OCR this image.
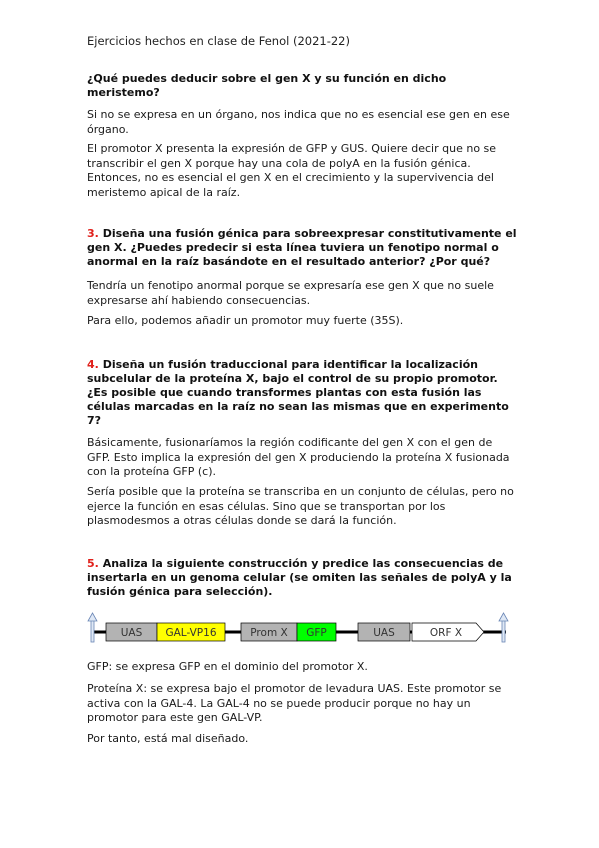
Ejercicios hechos en clase de Fenol (2021-22)

¿Qué puedes deducir sobre el gen X y su función en dicho meristemo?

Si no se expresa en un órgano, nos indica que no es esencial ese gen en ese órgano.

El promotor X presenta la expresión de GFP y GUS. Quiere decir que no se transcribir el gen X porque hay una cola de polyA en la fusión génica. Entonces, no es esencial el gen X en el crecimiento y la supervivencia del meristemo apical de la raíz.

3. Diseña una fusión génica para sobreexpresar constitutivamente el gen X. ¿Puedes predecir si esta línea tuviera un fenotipo normal o anormal en la raíz basándote en el resultado anterior? ¿Por qué?

Tendría un fenotipo anormal porque se expresaría ese gen X que no suele expresarse ahí habiendo consecuencias.

Para ello, podemos añadir un promotor muy fuerte (35S).

4. Diseña un fusión traduccional para identificar la localización subcelular de la proteína X, bajo el control de su propio promotor. ¿Es posible que cuando transformes plantas con esta fusión las células marcadas en la raíz no sean las mismas que en experimento 7?

Básicamente, fusionaríamos la región codificante del gen X con el gen de GFP. Esto implica la expresión del gen X produciendo la proteína X fusionada con la proteína GFP (c).

Sería posible que la proteína se transcriba en un conjunto de células, pero no ejerce la función en esas células. Sino que se transportan por los plasmodesmos a otras células donde se dará la función.

5. Analiza la siguiente construcción y predice las consecuencias de insertarla en un genoma celular (se omiten las señales de polyA y la fusión génica para selección).

UAS GAL-VP16	Prom X GFP	UAS	ORF X

GFP: se expresa GFP en el dominio del promotor X.

Proteína X: se expresa bajo el promotor de levadura UAS. Este promotor se activa con la GAL-4. La GAL-4 no se puede producir porque no hay un promotor para este gen GAL-VP.

Por tanto, está mal diseñado.
